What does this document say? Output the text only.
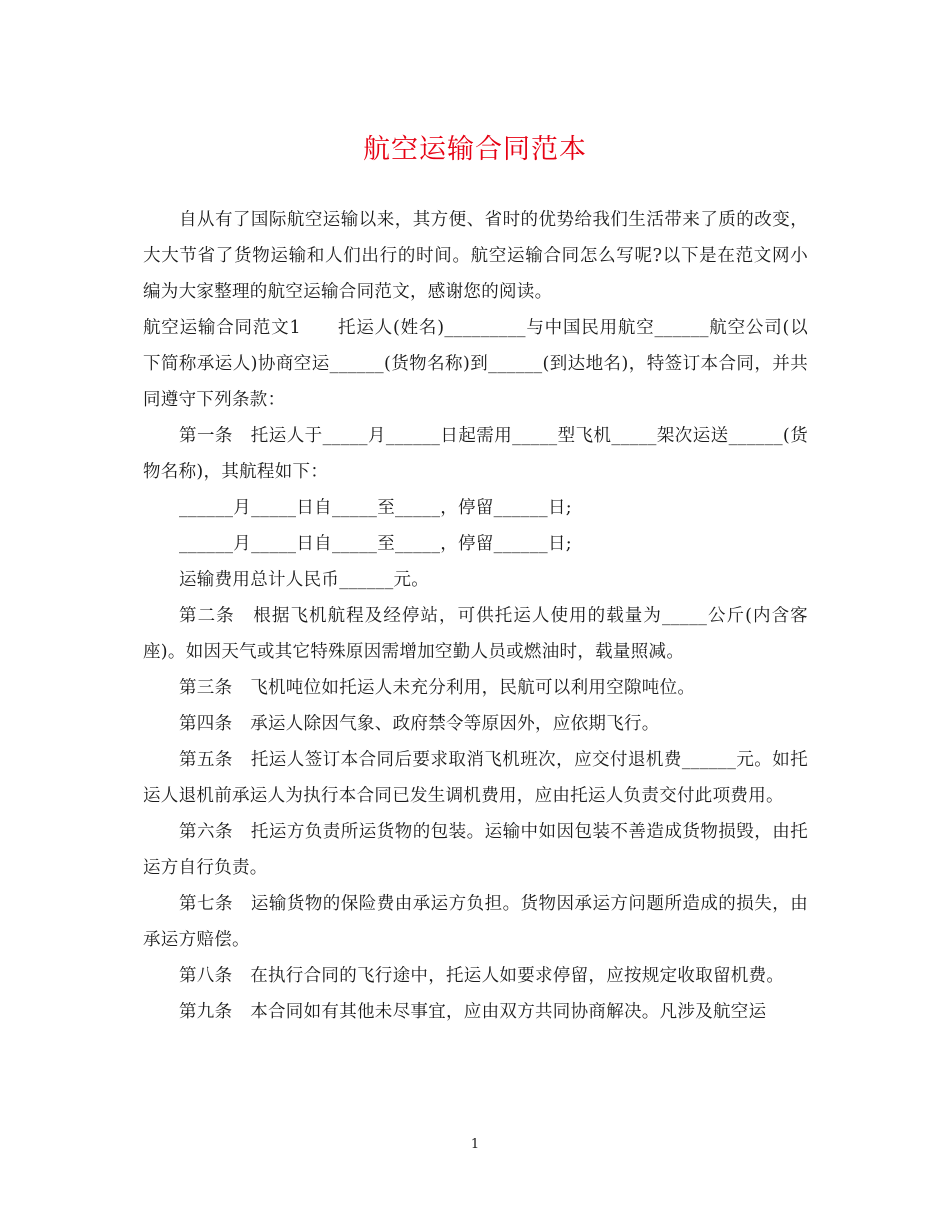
航空运输合同范本

自从有了国际航空运输以来，其方便、省时的优势给我们生活带来了质的改变，大大节省了货物运输和人们出行的时间。航空运输合同怎么写呢?以下是在范文网小编为大家整理的航空运输合同范文，感谢您的阅读。

航空运输合同范文1　　托运人(姓名)_________与中国民用航空______航空公司(以下简称承运人)协商空运______(货物名称)到______(到达地名)，特签订本合同，并共同遵守下列条款：

第一条　托运人于_____月______日起需用_____型飞机_____架次运送______(货物名称)，其航程如下：

______月_____日自_____至_____，停留______日;

______月_____日自_____至_____，停留______日;

运输费用总计人民币______元。

第二条　根据飞机航程及经停站，可供托运人使用的载量为_____公斤(内含客座)。如因天气或其它特殊原因需增加空勤人员或燃油时，载量照减。

第三条　飞机吨位如托运人未充分利用，民航可以利用空隙吨位。

第四条　承运人除因气象、政府禁令等原因外，应依期飞行。

第五条　托运人签订本合同后要求取消飞机班次，应交付退机费______元。如托运人退机前承运人为执行本合同已发生调机费用，应由托运人负责交付此项费用。

第六条　托运方负责所运货物的包装。运输中如因包装不善造成货物损毁，由托运方自行负责。

第七条　运输货物的保险费由承运方负担。货物因承运方问题所造成的损失，由承运方赔偿。

第八条　在执行合同的飞行途中，托运人如要求停留，应按规定收取留机费。

第九条　本合同如有其他未尽事宜，应由双方共同协商解决。凡涉及航空运

1
